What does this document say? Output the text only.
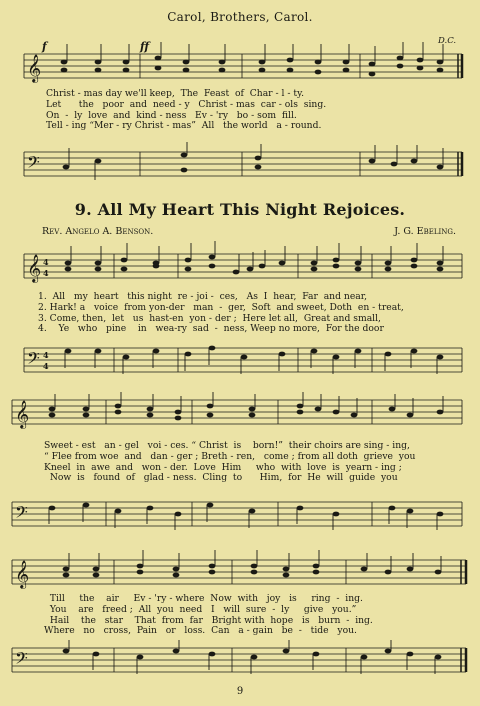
Carol, Brothers, Carol.
D.C.
𝄞
f	ff
Christ - mas day we'll keep,  The  Feast  of  Char - l - ty.
Let      the   poor  and  need - y   Christ - mas  car - ols  sing.
On  -  ly  love  and  kind - ness   Ev - 'ry   bo - som  fill.
Tell - ing “Mer - ry Christ - mas”  All   the world   a - round.
𝄢
9. All My Heart This Night Rejoices.
Rev. Angelo A. Benson.	J. G. Ebeling.
𝄞 4
4
1.  All   my  heart   this night  re - joi -  ces,   As  I  hear,  Far  and near,
2. Hark! a   voice  from yon-der   man  -  ger,  Soft  and sweet, Doth  en - treat,
3. Come, then,  let   us  hast-en  yon - der ;  Here let all,  Great and small,
4.    Ye   who   pine    in   wea-ry  sad  -  ness, Weep no more,  For the door
𝄢 4
4
𝄞
Sweet - est   an - gel   voi - ces. “ Christ  is    born!”  their choirs are sing - ing,
“ Flee from woe  and   dan - ger ; Breth - ren,   come ; from all doth  grieve  you
Kneel  in  awe  and   won - der.  Love  Him     who  with  love  is  yearn - ing ;
Now  is   found  of   glad - ness.  Cling  to      Him,  for  He  will  guide  you
𝄢
𝄞
Till     the    air     Ev - 'ry - where  Now  with   joy   is     ring  -  ing.
You    are   freed ;  All  you  need   I   will  sure  -  ly     give   you.”
Hail    the   star    That  from  far   Bright with  hope   is   burn  -  ing.
Where   no   cross,  Pain   or   loss.  Can   a - gain   be  -   tide   you.
𝄢
9
